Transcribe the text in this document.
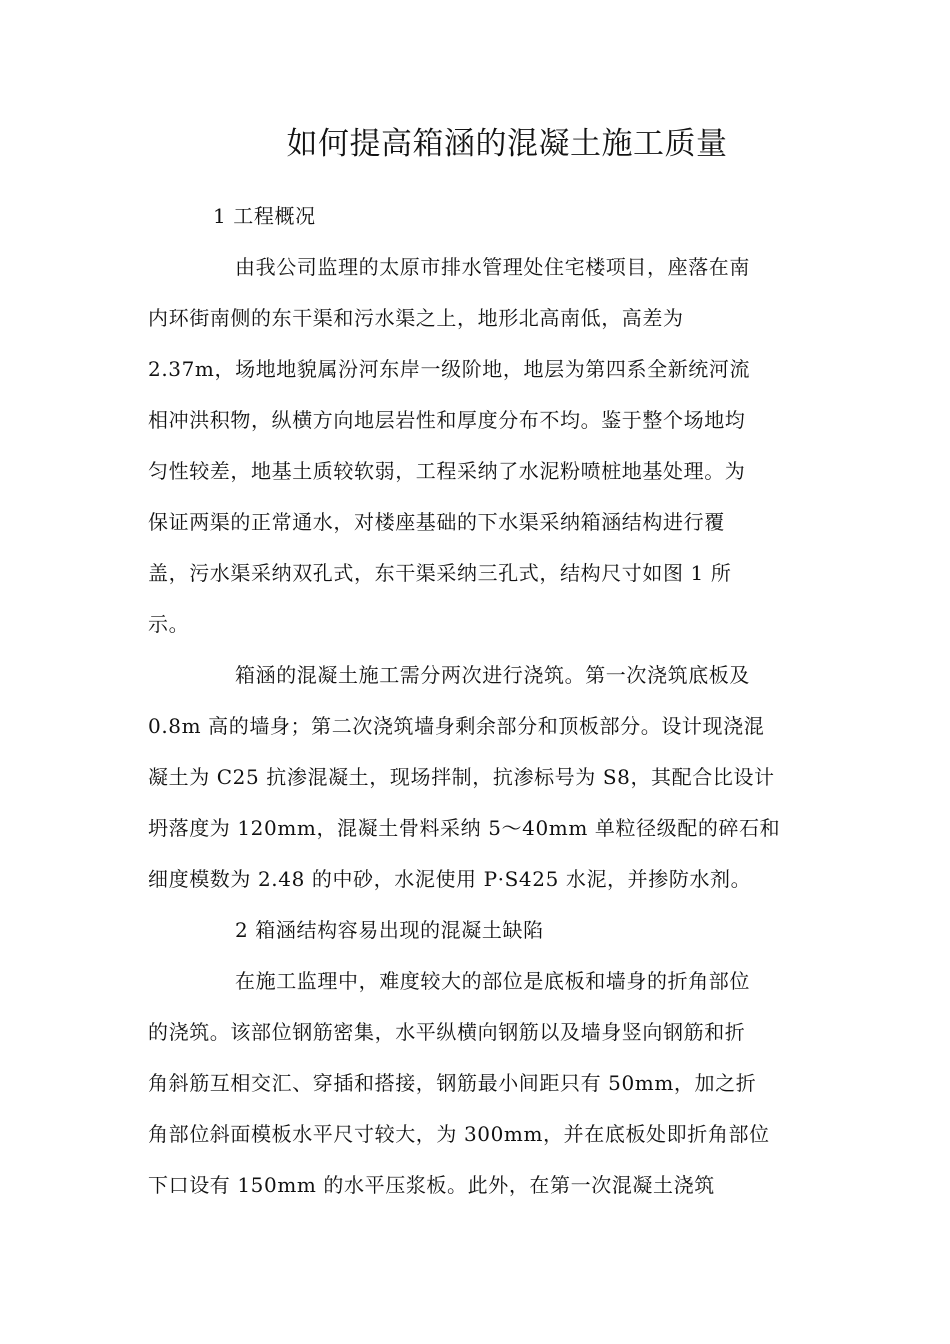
如何提高箱涵的混凝土施工质量

1 工程概况

由我公司监理的太原市排水管理处住宅楼项目，座落在南

内环街南侧的东干渠和污水渠之上，地形北高南低，高差为

2.37m，场地地貌属汾河东岸一级阶地，地层为第四系全新统河流

相冲洪积物，纵横方向地层岩性和厚度分布不均。鉴于整个场地均

匀性较差，地基土质较软弱，工程采纳了水泥粉喷桩地基处理。为

保证两渠的正常通水，对楼座基础的下水渠采纳箱涵结构进行覆

盖，污水渠采纳双孔式，东干渠采纳三孔式，结构尺寸如图 1 所

示。

箱涵的混凝土施工需分两次进行浇筑。第一次浇筑底板及

0.8m 高的墙身；第二次浇筑墙身剩余部分和顶板部分。设计现浇混

凝土为 C25 抗渗混凝土，现场拌制，抗渗标号为 S8，其配合比设计

坍落度为 120mm，混凝土骨料采纳 5～40mm 单粒径级配的碎石和

细度模数为 2.48 的中砂，水泥使用 P·S425 水泥，并掺防水剂。

2 箱涵结构容易出现的混凝土缺陷

在施工监理中，难度较大的部位是底板和墙身的折角部位

的浇筑。该部位钢筋密集，水平纵横向钢筋以及墙身竖向钢筋和折

角斜筋互相交汇、穿插和搭接，钢筋最小间距只有 50mm，加之折

角部位斜面模板水平尺寸较大，为 300mm，并在底板处即折角部位

下口设有 150mm 的水平压浆板。此外，在第一次混凝土浇筑
